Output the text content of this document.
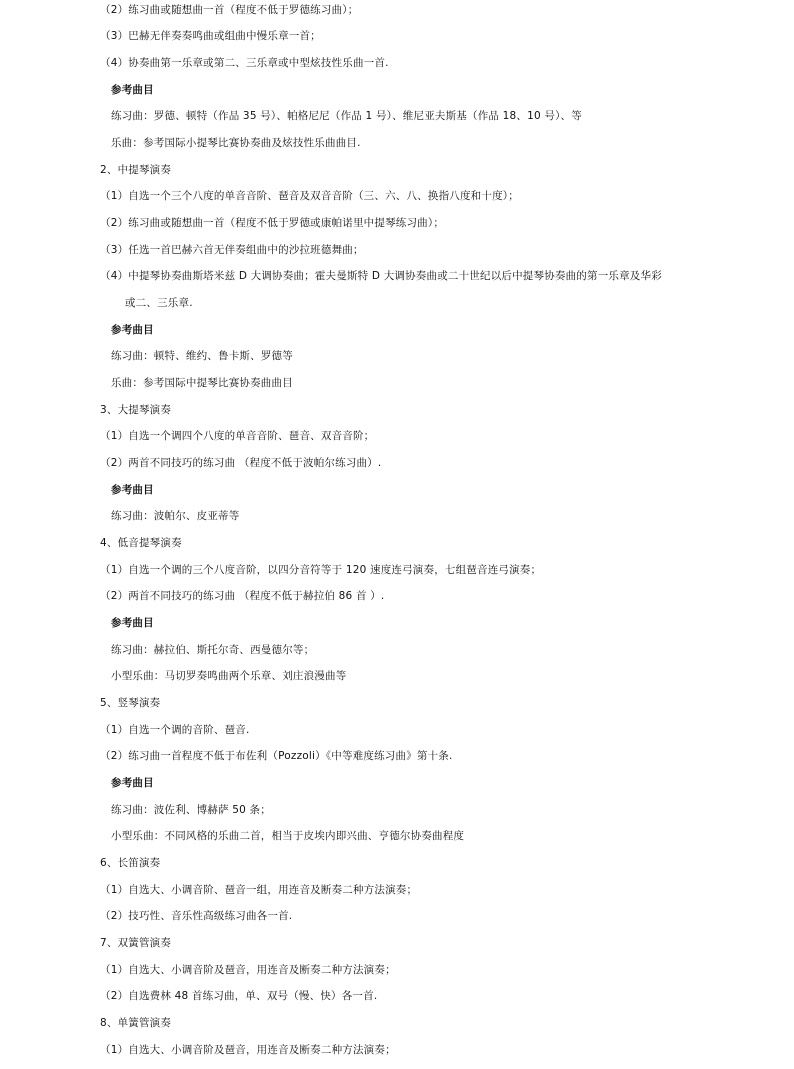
（2）练习曲或随想曲一首（程度不低于罗德练习曲）；
（3）巴赫无伴奏奏鸣曲或组曲中慢乐章一首；
（4）协奏曲第一乐章或第二、三乐章或中型炫技性乐曲一首.
参考曲目
练习曲：罗德、顿特（作品 35 号）、帕格尼尼（作品 1 号）、维尼亚夫斯基（作品 18、10 号）、等
乐曲：参考国际小提琴比赛协奏曲及炫技性乐曲曲目.
2、中提琴演奏
（1）自选一个三个八度的单音音阶、琶音及双音音阶（三、六、八、换指八度和十度）；
（2）练习曲或随想曲一首（程度不低于罗德或康帕诺里中提琴练习曲）；
（3）任选一首巴赫六首无伴奏组曲中的沙拉班德舞曲；
（4）中提琴协奏曲斯塔米兹 D 大调协奏曲；霍夫曼斯特 D 大调协奏曲或二十世纪以后中提琴协奏曲的第一乐章及华彩
或二、三乐章.
参考曲目
练习曲：顿特、维约、鲁卡斯、罗德等
乐曲：参考国际中提琴比赛协奏曲曲目
3、大提琴演奏
（1）自选一个调四个八度的单音音阶、琶音、双音音阶；
（2）两首不同技巧的练习曲 （程度不低于波帕尔练习曲）.
参考曲目
练习曲：波帕尔、皮亚蒂等
4、低音提琴演奏
（1）自选一个调的三个八度音阶，以四分音符等于 120 速度连弓演奏，七组琶音连弓演奏；
（2）两首不同技巧的练习曲 （程度不低于赫拉伯 86 首 ）.
参考曲目
练习曲：赫拉伯、斯托尔奇、西曼德尔等；
小型乐曲：马切罗奏鸣曲两个乐章、刘庄浪漫曲等
5、竖琴演奏
（1）自选一个调的音阶、琶音.
（2）练习曲一首程度不低于布佐利（Pozzoli）《中等难度练习曲》第十条.
参考曲目
练习曲：波佐利、博赫萨 50 条；
小型乐曲：不同风格的乐曲二首，相当于皮埃内即兴曲、亨德尔协奏曲程度
6、长笛演奏
（1）自选大、小调音阶、琶音一组，用连音及断奏二种方法演奏；
（2）技巧性、音乐性高级练习曲各一首.
7、双簧管演奏
（1）自选大、小调音阶及琶音，用连音及断奏二种方法演奏；
（2）自选费林 48 首练习曲，单、双号（慢、快）各一首.
8、单簧管演奏
（1）自选大、小调音阶及琶音，用连音及断奏二种方法演奏；
